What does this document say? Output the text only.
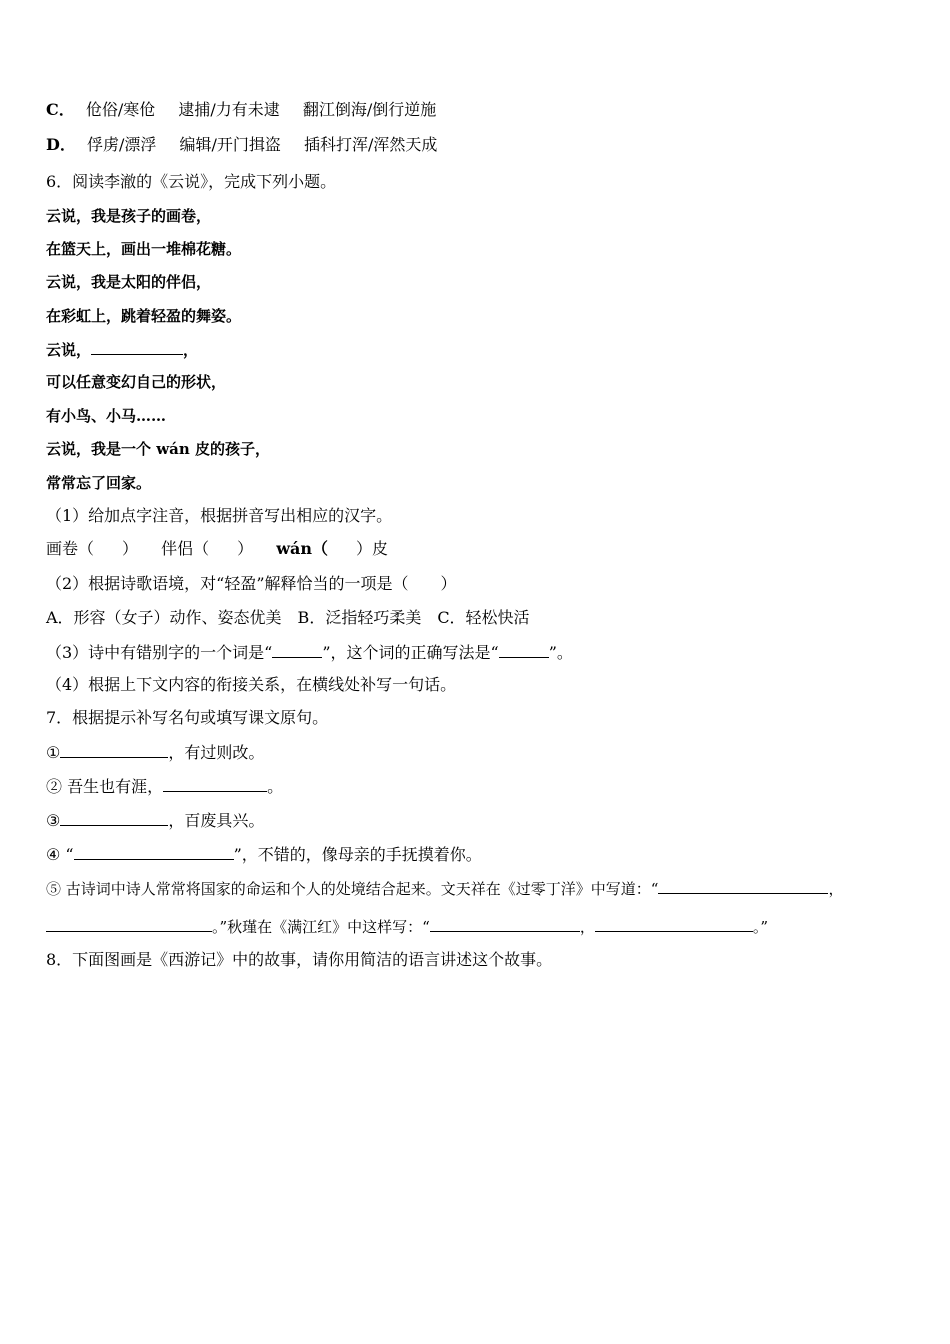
C． 伧俗/寒伧 逮捕/力有未逮 翻江倒海/倒行逆施
D． 俘虏/漂浮 编辑/开门揖盗 插科打浑/浑然天成
6．阅读李澈的《云说》，完成下列小题。
云说，我是孩子的画卷，
在篮天上，画出一堆棉花糖。
云说，我是太阳的伴侣，
在彩虹上，跳着轻盈的舞姿。
云说，	，
可以任意变幻自己的形状，
有小鸟、小马……
云说，我是一个 wán 皮的孩子，
常常忘了回家。
（1）给加点字注音，根据拼音写出相应的汉字。
画卷（ ） 伴侣（ ） wán（ ）皮
（2）根据诗歌语境，对“轻盈”解释恰当的一项是（　　）
A．形容（女子）动作、姿态优美　B．泛指轻巧柔美　C．轻松快活
（3）诗中有错别字的一个词是“	”，这个词的正确写法是“	”。
（4）根据上下文内容的衔接关系，在横线处补写一句话。
7．根据提示补写名句或填写课文原句。
①	，有过则改。
② 吾生也有涯，	。
③	，百废具兴。
④ “	”，不错的，像母亲的手抚摸着你。
⑤ 古诗词中诗人常常将国家的命运和个人的处境结合起来。文天祥在《过零丁洋》中写道：“	，
。”秋瑾在《满江红》中这样写：“	，	。”
8．下面图画是《西游记》中的故事，请你用简洁的语言讲述这个故事。
